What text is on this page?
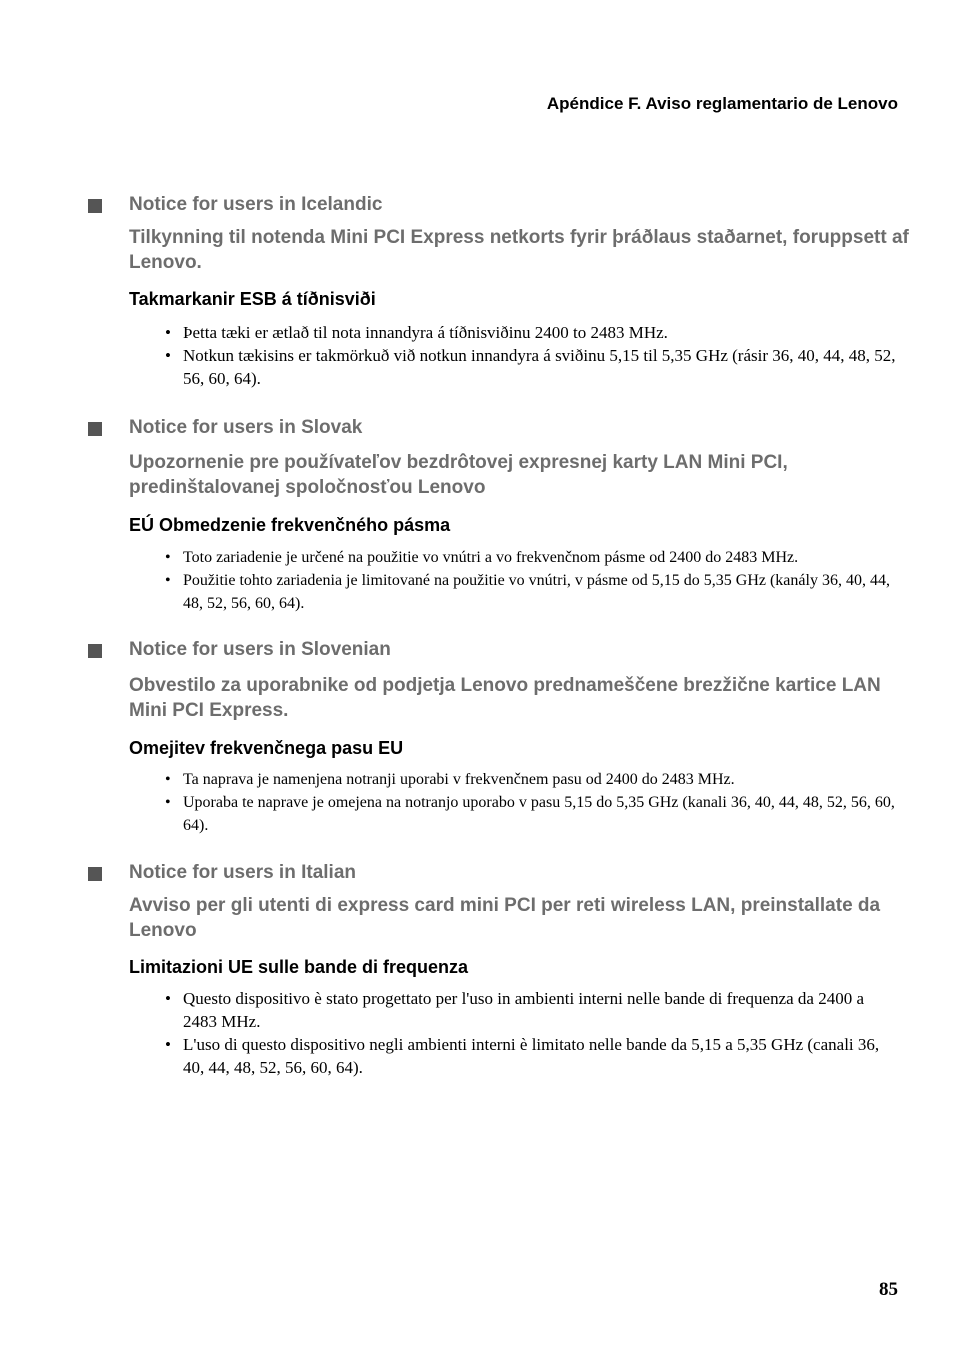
Apéndice F. Aviso reglamentario de Lenovo
Notice for users in Icelandic
Tilkynning til notenda Mini PCI Express netkorts fyrir þráðlaus staðarnet, foruppsett af Lenovo.
Takmarkanir ESB á tíðnisviði
• Þetta tæki er ætlað til nota innandyra á tíðnisviðinu 2400 to 2483 MHz.
• Notkun tækisins er takmörkuð við notkun innandyra á sviðinu 5,15 til 5,35 GHz (rásir 36, 40, 44, 48, 52, 56, 60, 64).
Notice for users in Slovak
Upozornenie pre používateľov bezdrôtovej expresnej karty LAN Mini PCI, predinštalovanej spoločnosťou Lenovo
EÚ Obmedzenie frekvenčného pásma
• Toto zariadenie je určené na použitie vo vnútri a vo frekvenčnom pásme od 2400 do 2483 MHz.
• Použitie tohto zariadenia je limitované na použitie vo vnútri, v pásme od 5,15 do 5,35 GHz (kanály 36, 40, 44, 48, 52, 56, 60, 64).
Notice for users in Slovenian
Obvestilo za uporabnike od podjetja Lenovo prednameščene brezžične kartice LAN Mini PCI Express.
Omejitev frekvenčnega pasu EU
• Ta naprava je namenjena notranji uporabi v frekvenčnem pasu od 2400 do 2483 MHz.
• Uporaba te naprave je omejena na notranjo uporabo v pasu 5,15 do 5,35 GHz (kanali 36, 40, 44, 48, 52, 56, 60, 64).
Notice for users in Italian
Avviso per gli utenti di express card mini PCI per reti wireless LAN, preinstallate da Lenovo
Limitazioni UE sulle bande di frequenza
• Questo dispositivo è stato progettato per l'uso in ambienti interni nelle bande di frequenza da 2400 a 2483 MHz.
• L'uso di questo dispositivo negli ambienti interni è limitato nelle bande da 5,15 a 5,35 GHz (canali 36, 40, 44, 48, 52, 56, 60, 64).
85
